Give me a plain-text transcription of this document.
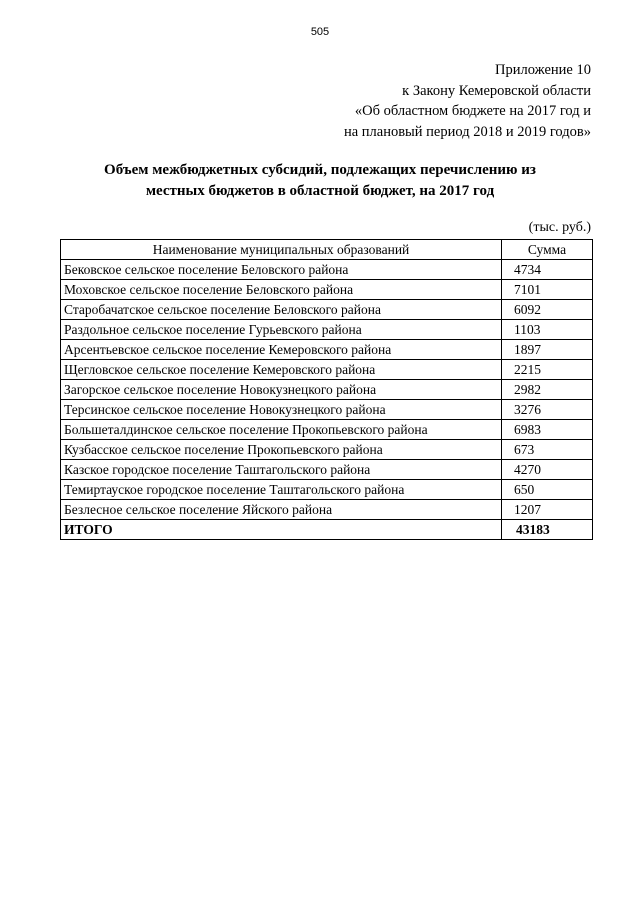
505
Приложение 10
к Закону Кемеровской области
«Об областном бюджете на 2017 год и
на плановый период 2018 и 2019 годов»
Объем межбюджетных субсидий, подлежащих перечислению из
местных бюджетов в областной бюджет, на 2017 год
(тыс. руб.)
Наименование муниципальных образований	Сумма
Бековское сельское поселение Беловского района	4734
Моховское сельское поселение Беловского района	7101
Старобачатское сельское поселение Беловского района	6092
Раздольное сельское поселение Гурьевского района	1103
Арсентьевское сельское поселение Кемеровского района	1897
Щегловское сельское поселение Кемеровского района	2215
Загорское сельское поселение Новокузнецкого района	2982
Терсинское сельское поселение Новокузнецкого района	3276
Большеталдинское сельское поселение Прокопьевского района	6983
Кузбасское сельское поселение Прокопьевского района	673
Казское городское поселение Таштагольского района	4270
Темиртауское городское поселение Таштагольского района	650
Безлесное сельское поселение Яйского района	1207
ИТОГО	43183
